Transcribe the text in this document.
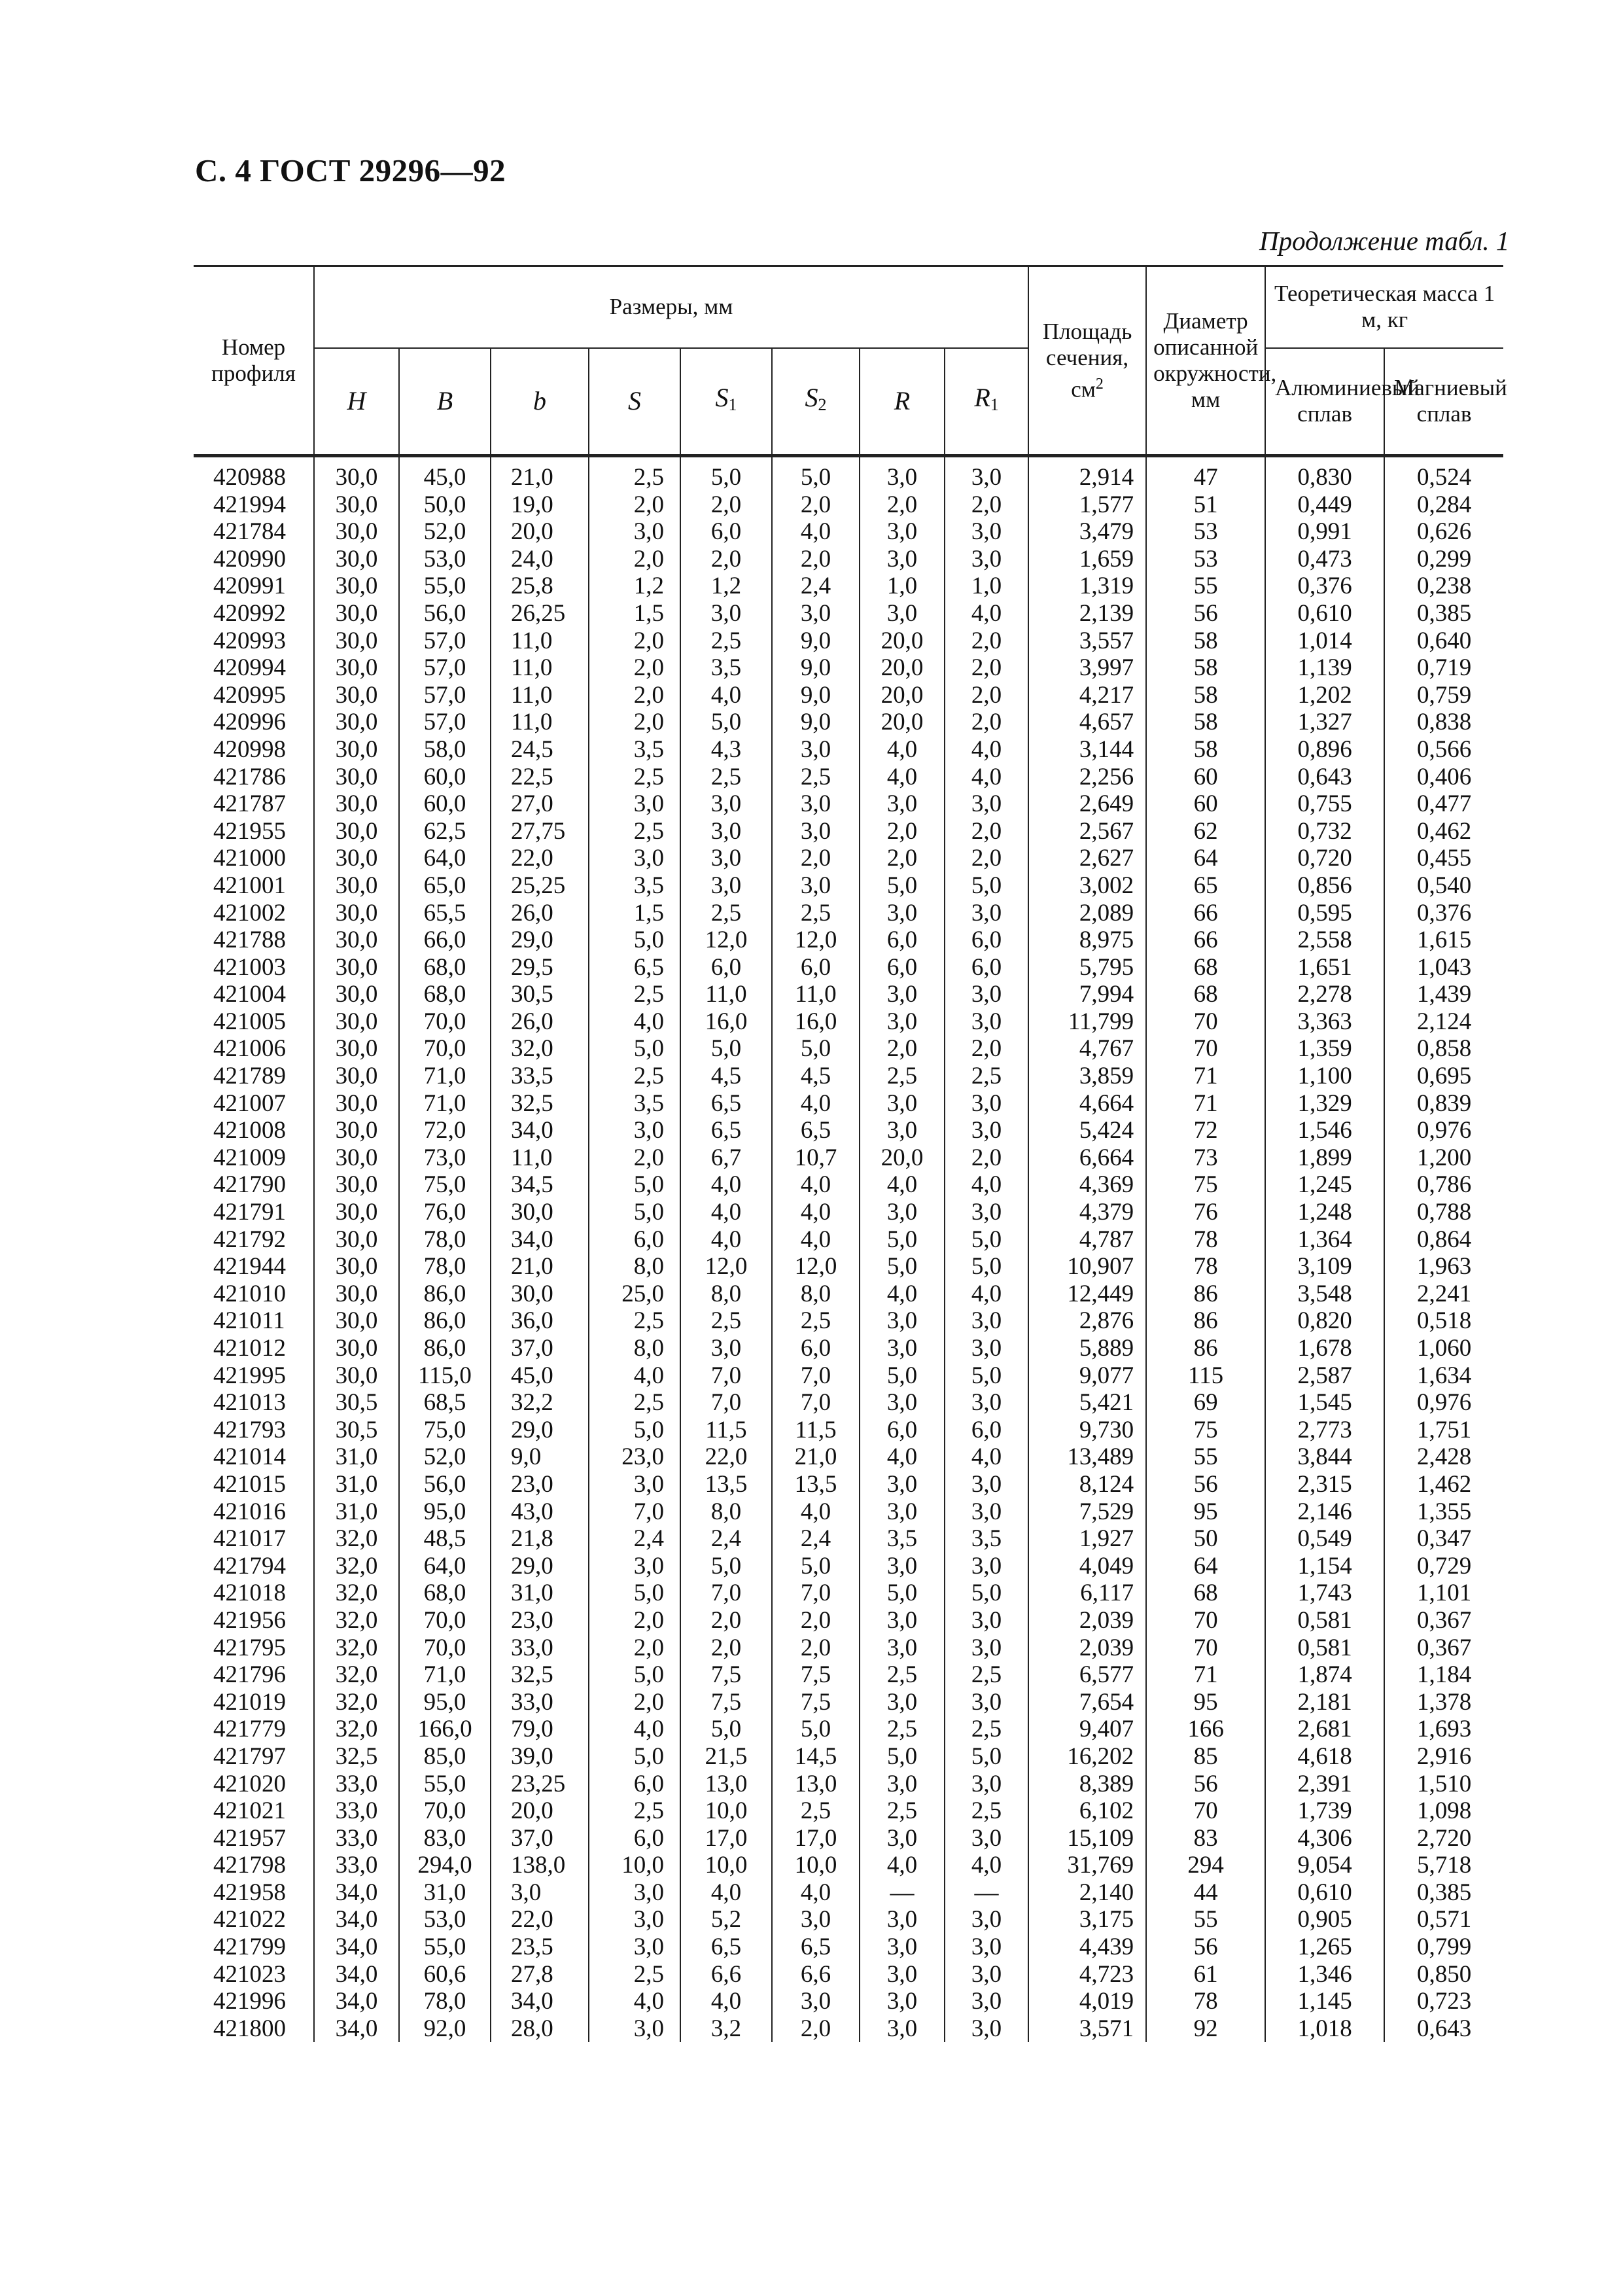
С. 4 ГОСТ 29296—92
Продолжение табл. 1
Номер профиля	Размеры, мм								Площадь сечения, $см^2$	Диаметр описанной окружности, мм	Теоретическая масса 1 м, кг	
	H	B	b	S	$S_1$	$S_2$	R	$R_1$			Алюминиевый сплав	Магниевый сплав
420988	30,0	45,0	21,0	2,5	5,0	5,0	3,0	3,0	2,914	47	0,830	0,524
421994	30,0	50,0	19,0	2,0	2,0	2,0	2,0	2,0	1,577	51	0,449	0,284
421784	30,0	52,0	20,0	3,0	6,0	4,0	3,0	3,0	3,479	53	0,991	0,626
420990	30,0	53,0	24,0	2,0	2,0	2,0	3,0	3,0	1,659	53	0,473	0,299
420991	30,0	55,0	25,8	1,2	1,2	2,4	1,0	1,0	1,319	55	0,376	0,238
420992	30,0	56,0	26,25	1,5	3,0	3,0	3,0	4,0	2,139	56	0,610	0,385
420993	30,0	57,0	11,0	2,0	2,5	9,0	20,0	2,0	3,557	58	1,014	0,640
420994	30,0	57,0	11,0	2,0	3,5	9,0	20,0	2,0	3,997	58	1,139	0,719
420995	30,0	57,0	11,0	2,0	4,0	9,0	20,0	2,0	4,217	58	1,202	0,759
420996	30,0	57,0	11,0	2,0	5,0	9,0	20,0	2,0	4,657	58	1,327	0,838
420998	30,0	58,0	24,5	3,5	4,3	3,0	4,0	4,0	3,144	58	0,896	0,566
421786	30,0	60,0	22,5	2,5	2,5	2,5	4,0	4,0	2,256	60	0,643	0,406
421787	30,0	60,0	27,0	3,0	3,0	3,0	3,0	3,0	2,649	60	0,755	0,477
421955	30,0	62,5	27,75	2,5	3,0	3,0	2,0	2,0	2,567	62	0,732	0,462
421000	30,0	64,0	22,0	3,0	3,0	2,0	2,0	2,0	2,627	64	0,720	0,455
421001	30,0	65,0	25,25	3,5	3,0	3,0	5,0	5,0	3,002	65	0,856	0,540
421002	30,0	65,5	26,0	1,5	2,5	2,5	3,0	3,0	2,089	66	0,595	0,376
421788	30,0	66,0	29,0	5,0	12,0	12,0	6,0	6,0	8,975	66	2,558	1,615
421003	30,0	68,0	29,5	6,5	6,0	6,0	6,0	6,0	5,795	68	1,651	1,043
421004	30,0	68,0	30,5	2,5	11,0	11,0	3,0	3,0	7,994	68	2,278	1,439
421005	30,0	70,0	26,0	4,0	16,0	16,0	3,0	3,0	11,799	70	3,363	2,124
421006	30,0	70,0	32,0	5,0	5,0	5,0	2,0	2,0	4,767	70	1,359	0,858
421789	30,0	71,0	33,5	2,5	4,5	4,5	2,5	2,5	3,859	71	1,100	0,695
421007	30,0	71,0	32,5	3,5	6,5	4,0	3,0	3,0	4,664	71	1,329	0,839
421008	30,0	72,0	34,0	3,0	6,5	6,5	3,0	3,0	5,424	72	1,546	0,976
421009	30,0	73,0	11,0	2,0	6,7	10,7	20,0	2,0	6,664	73	1,899	1,200
421790	30,0	75,0	34,5	5,0	4,0	4,0	4,0	4,0	4,369	75	1,245	0,786
421791	30,0	76,0	30,0	5,0	4,0	4,0	3,0	3,0	4,379	76	1,248	0,788
421792	30,0	78,0	34,0	6,0	4,0	4,0	5,0	5,0	4,787	78	1,364	0,864
421944	30,0	78,0	21,0	8,0	12,0	12,0	5,0	5,0	10,907	78	3,109	1,963
421010	30,0	86,0	30,0	25,0	8,0	8,0	4,0	4,0	12,449	86	3,548	2,241
421011	30,0	86,0	36,0	2,5	2,5	2,5	3,0	3,0	2,876	86	0,820	0,518
421012	30,0	86,0	37,0	8,0	3,0	6,0	3,0	3,0	5,889	86	1,678	1,060
421995	30,0	115,0	45,0	4,0	7,0	7,0	5,0	5,0	9,077	115	2,587	1,634
421013	30,5	68,5	32,2	2,5	7,0	7,0	3,0	3,0	5,421	69	1,545	0,976
421793	30,5	75,0	29,0	5,0	11,5	11,5	6,0	6,0	9,730	75	2,773	1,751
421014	31,0	52,0	9,0	23,0	22,0	21,0	4,0	4,0	13,489	55	3,844	2,428
421015	31,0	56,0	23,0	3,0	13,5	13,5	3,0	3,0	8,124	56	2,315	1,462
421016	31,0	95,0	43,0	7,0	8,0	4,0	3,0	3,0	7,529	95	2,146	1,355
421017	32,0	48,5	21,8	2,4	2,4	2,4	3,5	3,5	1,927	50	0,549	0,347
421794	32,0	64,0	29,0	3,0	5,0	5,0	3,0	3,0	4,049	64	1,154	0,729
421018	32,0	68,0	31,0	5,0	7,0	7,0	5,0	5,0	6,117	68	1,743	1,101
421956	32,0	70,0	23,0	2,0	2,0	2,0	3,0	3,0	2,039	70	0,581	0,367
421795	32,0	70,0	33,0	2,0	2,0	2,0	3,0	3,0	2,039	70	0,581	0,367
421796	32,0	71,0	32,5	5,0	7,5	7,5	2,5	2,5	6,577	71	1,874	1,184
421019	32,0	95,0	33,0	2,0	7,5	7,5	3,0	3,0	7,654	95	2,181	1,378
421779	32,0	166,0	79,0	4,0	5,0	5,0	2,5	2,5	9,407	166	2,681	1,693
421797	32,5	85,0	39,0	5,0	21,5	14,5	5,0	5,0	16,202	85	4,618	2,916
421020	33,0	55,0	23,25	6,0	13,0	13,0	3,0	3,0	8,389	56	2,391	1,510
421021	33,0	70,0	20,0	2,5	10,0	2,5	2,5	2,5	6,102	70	1,739	1,098
421957	33,0	83,0	37,0	6,0	17,0	17,0	3,0	3,0	15,109	83	4,306	2,720
421798	33,0	294,0	138,0	10,0	10,0	10,0	4,0	4,0	31,769	294	9,054	5,718
421958	34,0	31,0	3,0	3,0	4,0	4,0	—	—	2,140	44	0,610	0,385
421022	34,0	53,0	22,0	3,0	5,2	3,0	3,0	3,0	3,175	55	0,905	0,571
421799	34,0	55,0	23,5	3,0	6,5	6,5	3,0	3,0	4,439	56	1,265	0,799
421023	34,0	60,6	27,8	2,5	6,6	6,6	3,0	3,0	4,723	61	1,346	0,850
421996	34,0	78,0	34,0	4,0	4,0	3,0	3,0	3,0	4,019	78	1,145	0,723
421800	34,0	92,0	28,0	3,0	3,2	2,0	3,0	3,0	3,571	92	1,018	0,643
